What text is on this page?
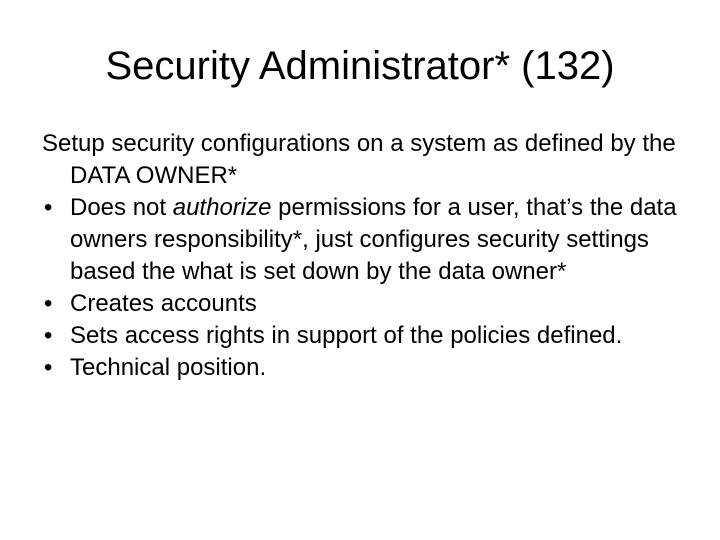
Security Administrator* (132)

Setup security configurations on a system as defined by the DATA OWNER*

• Does not authorize permissions for a user, that’s the data owners responsibility*, just configures security settings based the what is set down by the data owner*
• Creates accounts
• Sets access rights in support of the policies defined.
• Technical position.
